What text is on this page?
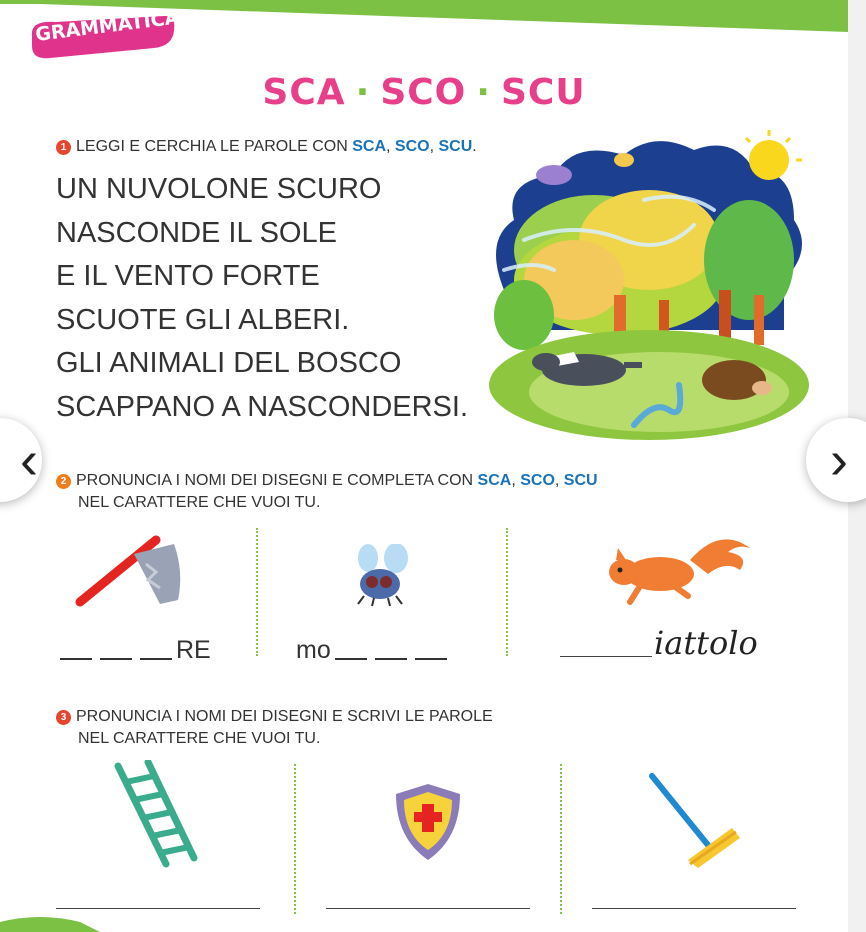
GRAMMATICA
SCA · SCO · SCU
1 LEGGI E CERCHIA LE PAROLE CON SCA, SCO, SCU.
UN NUVOLONE SCURO
NASCONDE IL SOLE
E IL VENTO FORTE
SCUOTE GLI ALBERI.
GLI ANIMALI DEL BOSCO
SCAPPANO A NASCONDERSI.
2 PRONUNCIA I NOMI DEI DISEGNI E COMPLETA CON SCA, SCO, SCU
NEL CARATTERE CHE VUOI TU.
RE	mo	iattolo
3 PRONUNCIA I NOMI DEI DISEGNI E SCRIVI LE PAROLE
NEL CARATTERE CHE VUOI TU.
‹	›
